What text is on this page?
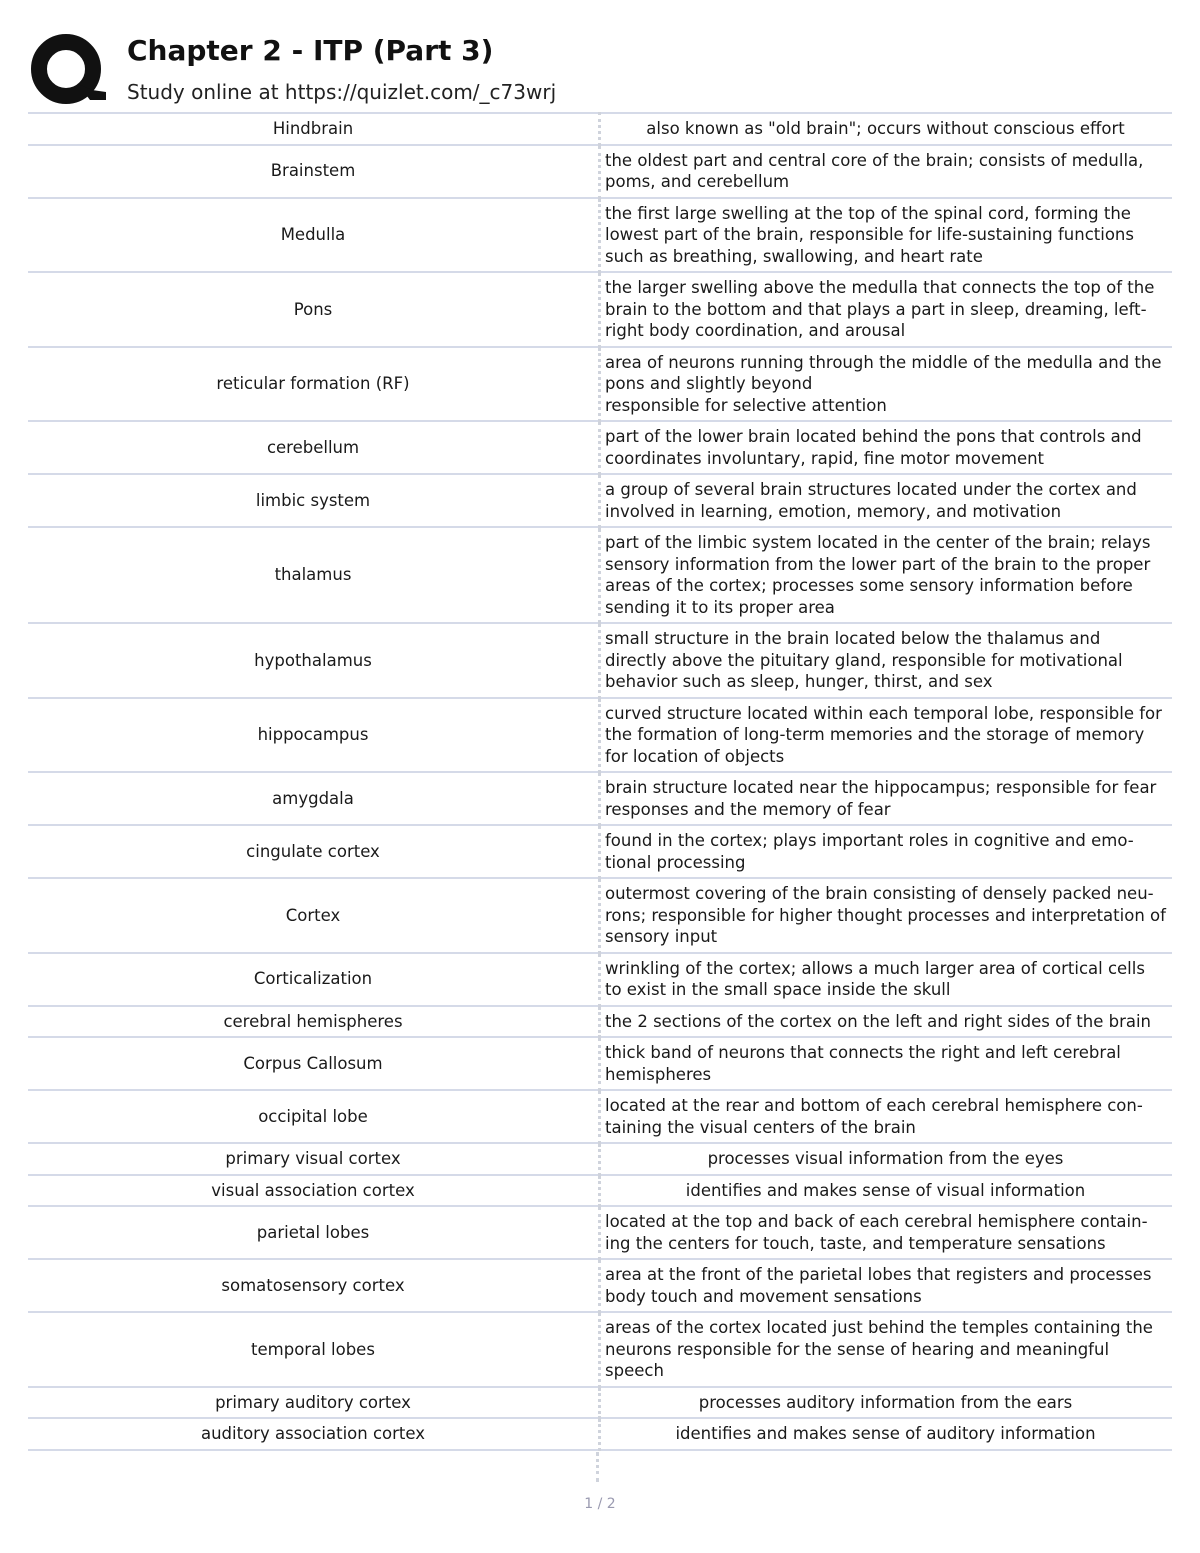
Chapter 2 - ITP (Part 3)
Study online at https://quizlet.com/_c73wrj
Hindbrain	also known as "old brain"; occurs without conscious effort
Brainstem	the oldest part and central core of the brain; consists of medulla, poms, and cerebellum
Medulla	the first large swelling at the top of the spinal cord, forming the lowest part of the brain, responsible for life-sustaining functions such as breathing, swallowing, and heart rate
Pons	the larger swelling above the medulla that connects the top of the brain to the bottom and that plays a part in sleep, dreaming, left-right body coordination, and arousal
reticular formation (RF)	area of neurons running through the middle of the medulla and the pons and slightly beyond
responsible for selective attention
cerebellum	part of the lower brain located behind the pons that controls and coordinates involuntary, rapid, fine motor movement
limbic system	a group of several brain structures located under the cortex and involved in learning, emotion, memory, and motivation
thalamus	part of the limbic system located in the center of the brain; relays sensory information from the lower part of the brain to the proper areas of the cortex; processes some sensory information before sending it to its proper area
hypothalamus	small structure in the brain located below the thalamus and directly above the pituitary gland, responsible for motivational behavior such as sleep, hunger, thirst, and sex
hippocampus	curved structure located within each temporal lobe, responsible for the formation of long-term memories and the storage of memory for location of objects
amygdala	brain structure located near the hippocampus; responsible for fear responses and the memory of fear
cingulate cortex	found in the cortex; plays important roles in cognitive and emo- tional processing
Cortex	outermost covering of the brain consisting of densely packed neu- rons; responsible for higher thought processes and interpretation of sensory input
Corticalization	wrinkling of the cortex; allows a much larger area of cortical cells to exist in the small space inside the skull
cerebral hemispheres	the 2 sections of the cortex on the left and right sides of the brain
Corpus Callosum	thick band of neurons that connects the right and left cerebral hemispheres
occipital lobe	located at the rear and bottom of each cerebral hemisphere con- taining the visual centers of the brain
primary visual cortex	processes visual information from the eyes
visual association cortex	identifies and makes sense of visual information
parietal lobes	located at the top and back of each cerebral hemisphere contain- ing the centers for touch, taste, and temperature sensations
somatosensory cortex	area at the front of the parietal lobes that registers and processes body touch and movement sensations
temporal lobes	areas of the cortex located just behind the temples containing the neurons responsible for the sense of hearing and meaningful speech
primary auditory cortex	processes auditory information from the ears
auditory association cortex	identifies and makes sense of auditory information
1 / 2
